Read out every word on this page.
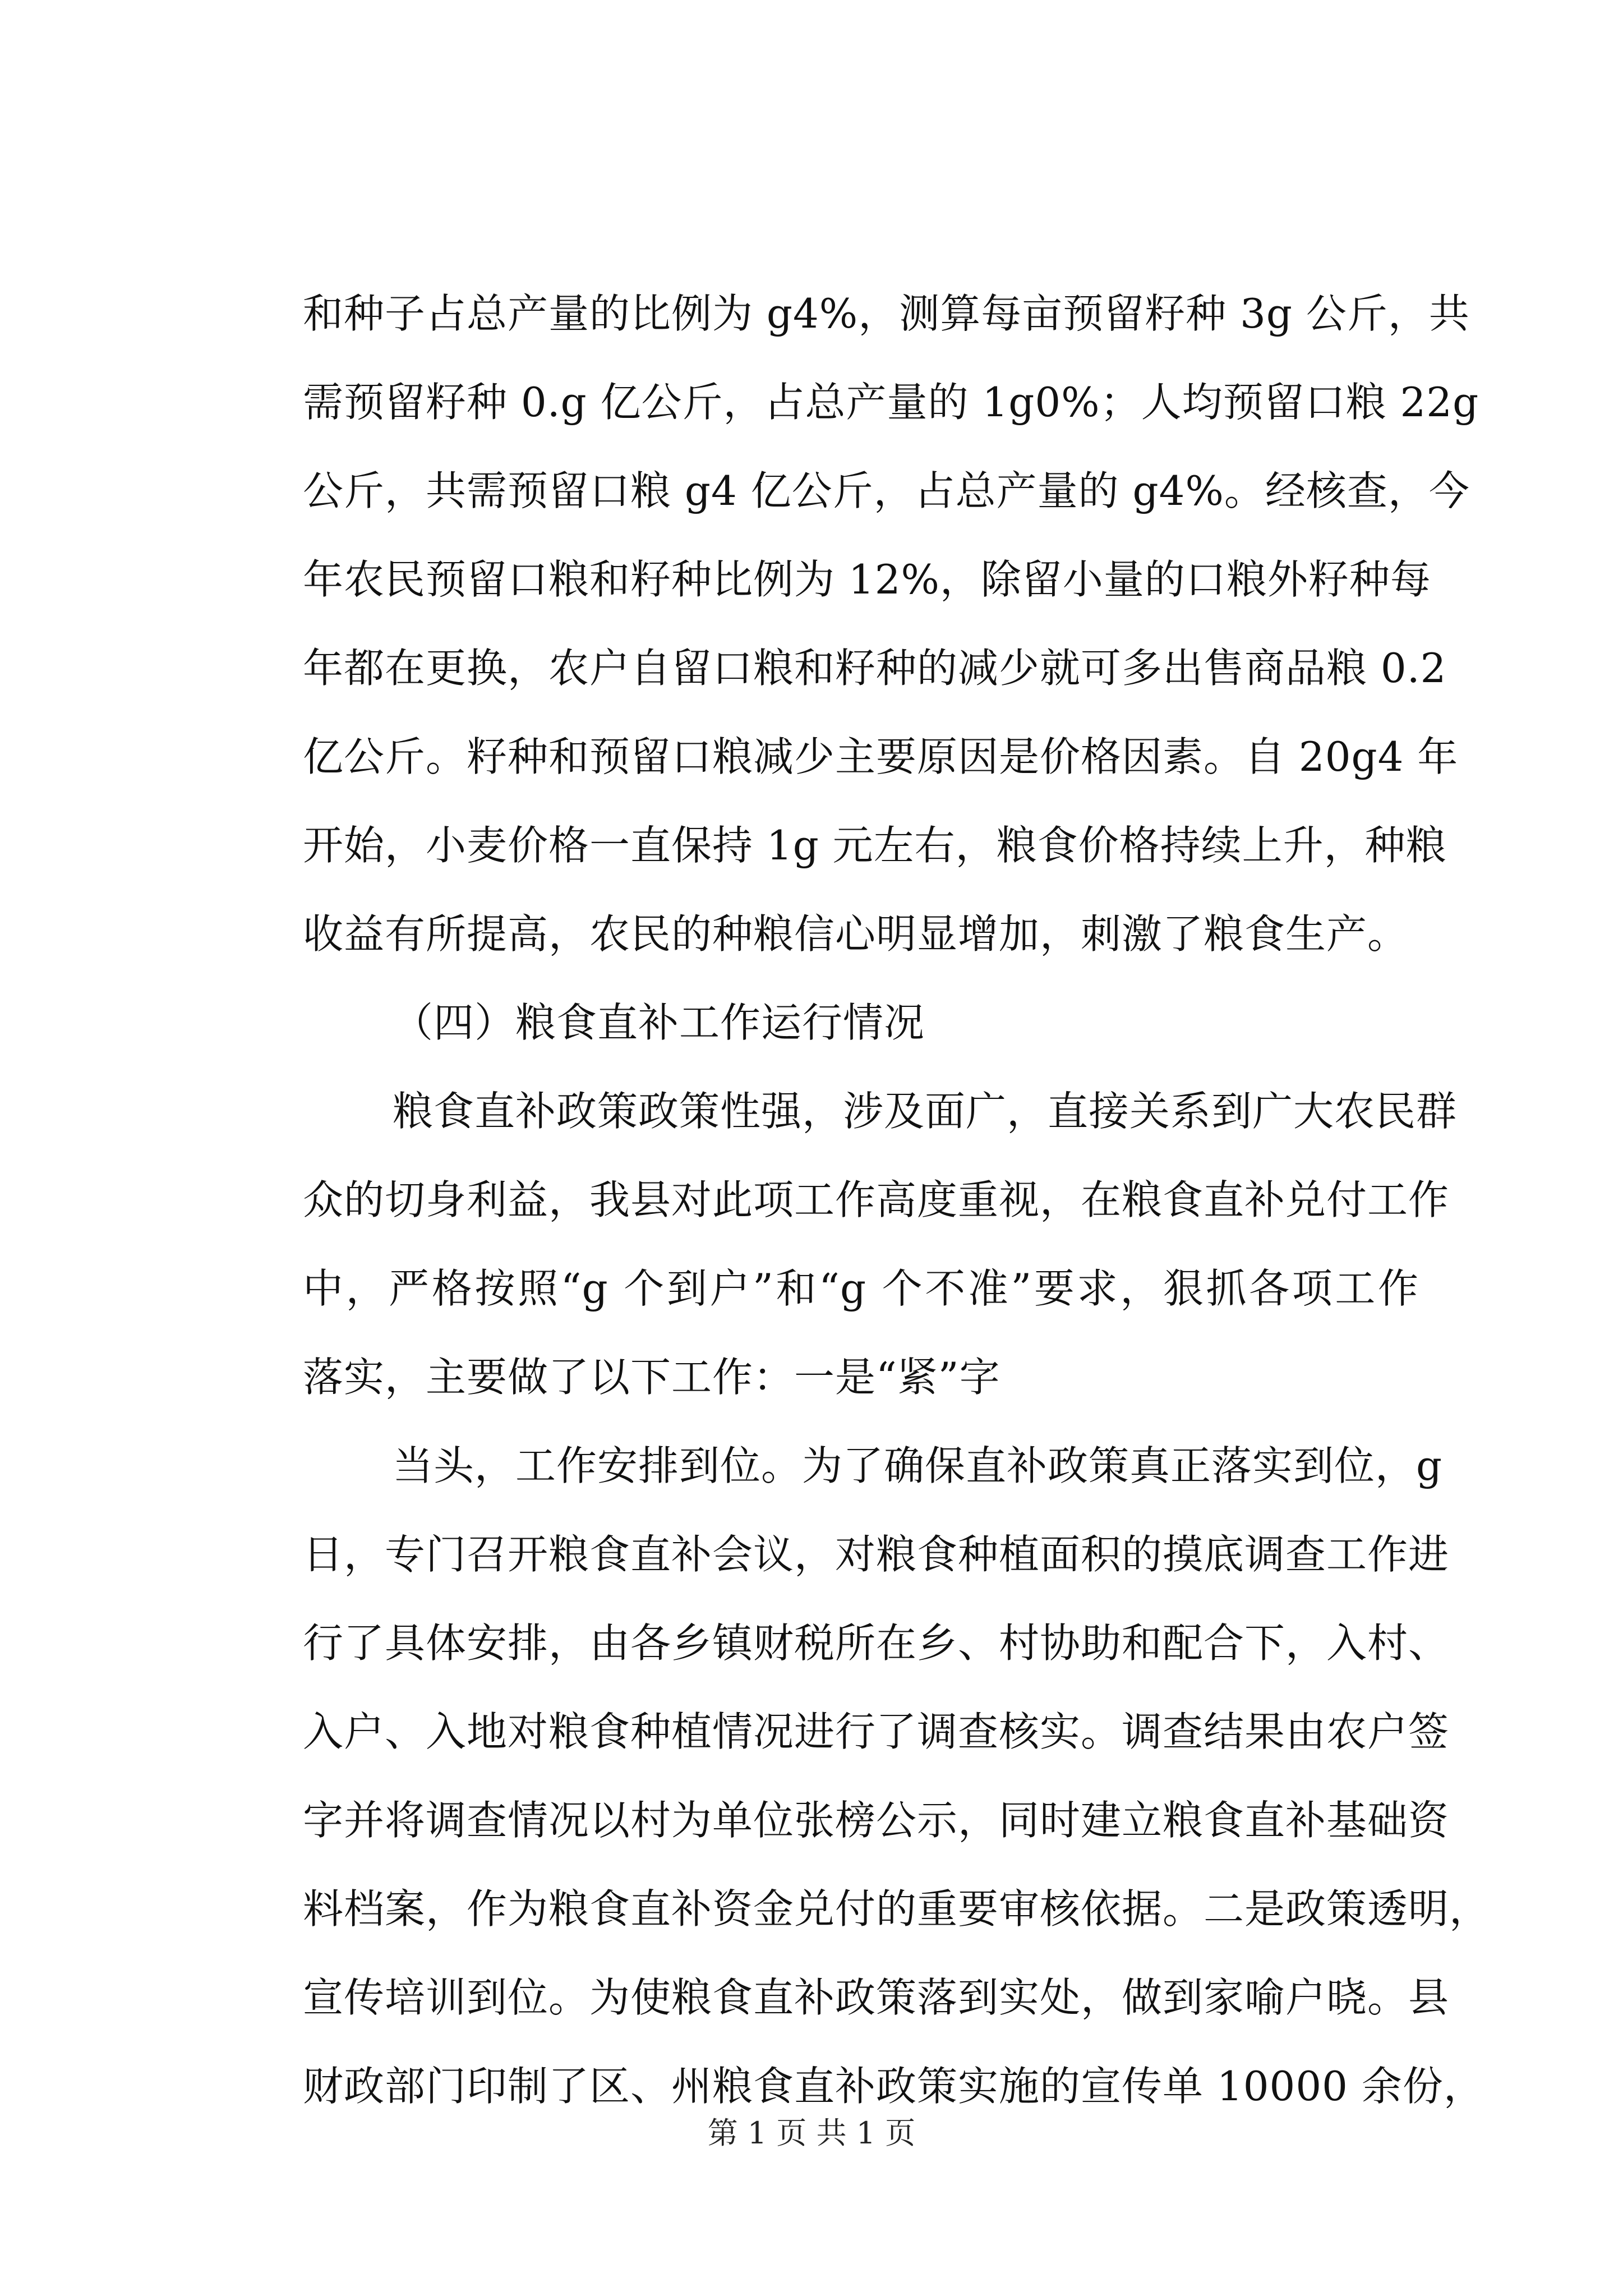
和种子占总产量的比例为 g4%，测算每亩预留籽种 3g 公斤，共
需预留籽种 0.g 亿公斤，占总产量的 1g0%；人均预留口粮 22g
公斤，共需预留口粮 g4 亿公斤，占总产量的 g4%。经核查，今
年农民预留口粮和籽种比例为 12%，除留小量的口粮外籽种每
年都在更换，农户自留口粮和籽种的减少就可多出售商品粮 0.2
亿公斤。籽种和预留口粮减少主要原因是价格因素。自 20g4 年
开始，小麦价格一直保持 1g 元左右，粮食价格持续上升，种粮
收益有所提高，农民的种粮信心明显增加，刺激了粮食生产。
（四）粮食直补工作运行情况
粮食直补政策政策性强，涉及面广，直接关系到广大农民群
众的切身利益，我县对此项工作高度重视，在粮食直补兑付工作
中，严格按照“g 个到户”和“g 个不准”要求，狠抓各项工作
落实，主要做了以下工作：一是“紧”字
当头，工作安排到位。为了确保直补政策真正落实到位，g
日，专门召开粮食直补会议，对粮食种植面积的摸底调查工作进
行了具体安排，由各乡镇财税所在乡、村协助和配合下，入村、
入户、入地对粮食种植情况进行了调查核实。调查结果由农户签
字并将调查情况以村为单位张榜公示，同时建立粮食直补基础资
料档案，作为粮食直补资金兑付的重要审核依据。二是政策透明，
宣传培训到位。为使粮食直补政策落到实处，做到家喻户晓。县
财政部门印制了区、州粮食直补政策实施的宣传单 10000 余份，
第 1 页 共 1 页
